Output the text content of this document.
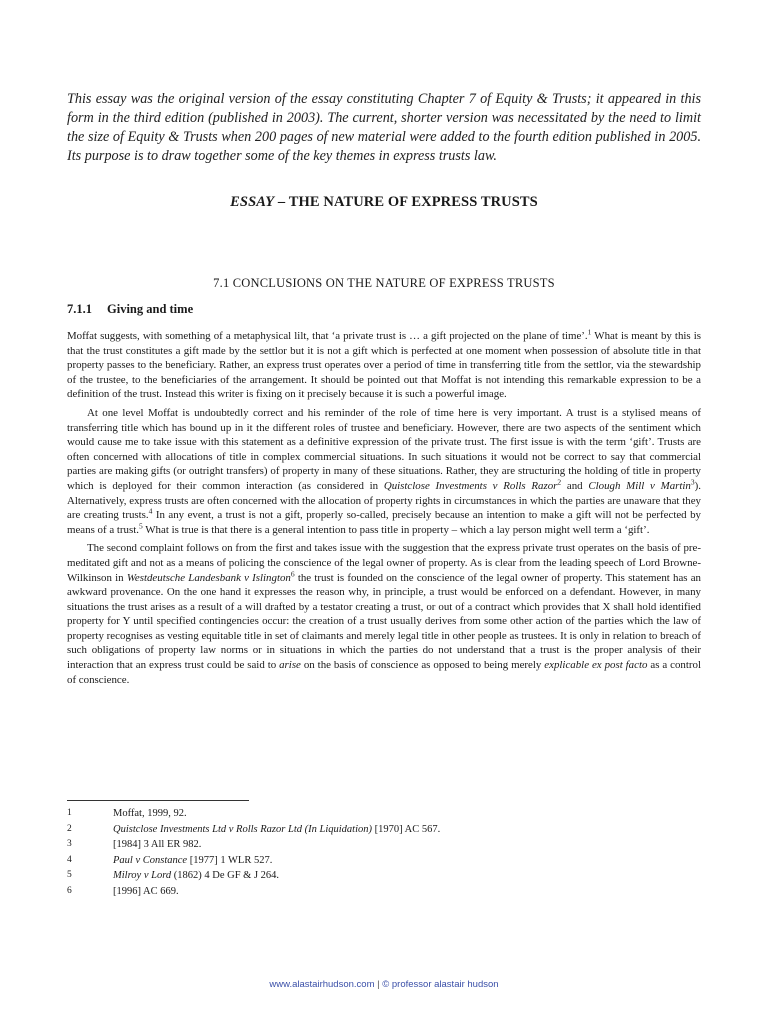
This essay was the original version of the essay constituting Chapter 7 of Equity & Trusts; it appeared in this form in the third edition (published in 2003). The current, shorter version was necessitated by the need to limit the size of Equity & Trusts when 200 pages of new material were added to the fourth edition published in 2005. Its purpose is to draw together some of the key themes in express trusts law.
ESSAY – THE NATURE OF EXPRESS TRUSTS
7.1 CONCLUSIONS ON THE NATURE OF EXPRESS TRUSTS
7.1.1 Giving and time

Moffat suggests, with something of a metaphysical lilt, that ‘a private trust is … a gift projected on the plane of time’.$^1$ What is meant by this is that the trust constitutes a gift made by the settlor but it is not a gift which is perfected at one moment when possession of absolute title in that property passes to the beneficiary. Rather, an express trust operates over a period of time in transferring title from the settlor, via the stewardship of the trustee, to the beneficiaries of the arrangement. It should be pointed out that Moffat is not intending this remarkable expression to be a definition of the trust. Instead this writer is fixing on it precisely because it is such a powerful image.

At one level Moffat is undoubtedly correct and his reminder of the role of time here is very important. A trust is a stylised means of transferring title which has bound up in it the different roles of trustee and beneficiary. However, there are two aspects of the sentiment which would cause me to take issue with this statement as a definitive expression of the private trust. The first issue is with the term ‘gift’. Trusts are often concerned with allocations of title in complex commercial situations. In such situations it would not be correct to say that commercial parties are making gifts (or outright transfers) of property in many of these situations. Rather, they are structuring the holding of title in property which is deployed for their common interaction (as considered in Quistclose Investments v Rolls Razor$^2$ and Clough Mill v Martin$^3$). Alternatively, express trusts are often concerned with the allocation of property rights in circumstances in which the parties are unaware that they are creating trusts.$^4$ In any event, a trust is not a gift, properly so-called, precisely because an intention to make a gift will not be perfected by means of a trust.$^5$ What is true is that there is a general intention to pass title in property – which a lay person might well term a ‘gift’.

The second complaint follows on from the first and takes issue with the suggestion that the express private trust operates on the basis of pre-meditated gift and not as a means of policing the conscience of the legal owner of property. As is clear from the leading speech of Lord Browne-Wilkinson in Westdeutsche Landesbank v Islington$^6$ the trust is founded on the conscience of the legal owner of property. This statement has an awkward provenance. On the one hand it expresses the reason why, in principle, a trust would be enforced on a defendant. However, in many situations the trust arises as a result of a will drafted by a testator creating a trust, or out of a contract which provides that X shall hold identified property for Y until specified contingencies occur: the creation of a trust usually derives from some other action of the parties which the law of property recognises as vesting equitable title in set of claimants and merely legal title in other people as trustees. It is only in relation to breach of such obligations of property law norms or in situations in which the parties do not understand that a trust is the proper analysis of their interaction that an express trust could be said to arise on the basis of conscience as opposed to being merely explicable ex post facto as a control of conscience.

1	Moffat, 1999, 92.
2	Quistclose Investments Ltd v Rolls Razor Ltd (In Liquidation) [1970] AC 567.
3	[1984] 3 All ER 982.
4	Paul v Constance [1977] 1 WLR 527.
5	Milroy v Lord (1862) 4 De GF & J 264.
6	[1996] AC 669.
www.alastairhudson.com | © professor alastair hudson
